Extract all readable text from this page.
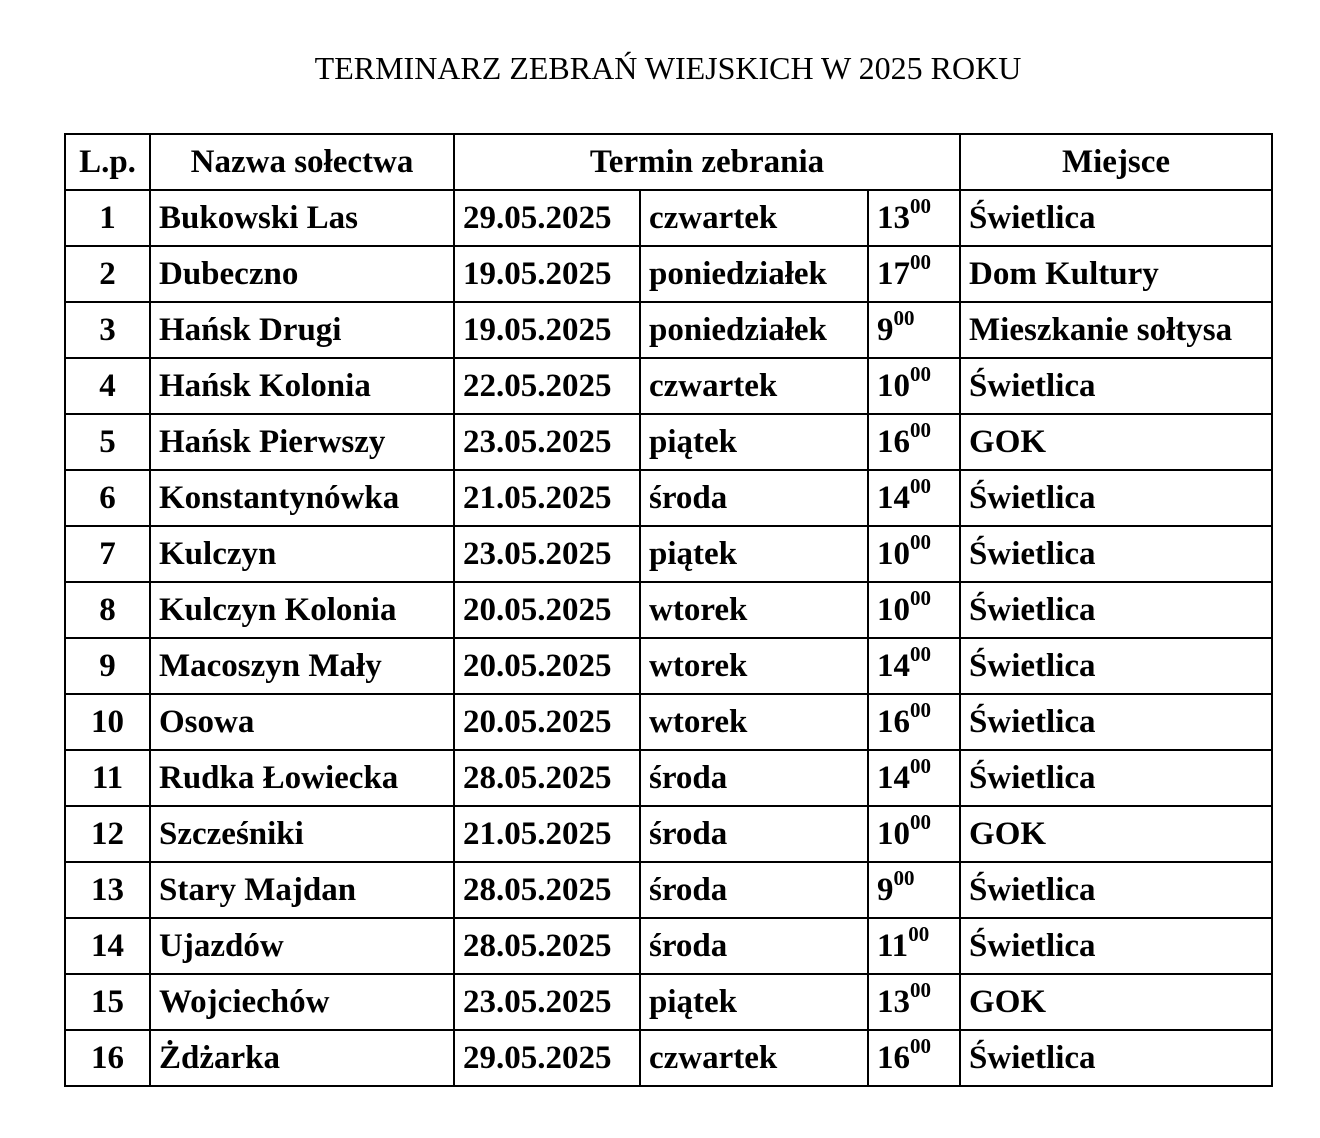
TERMINARZ ZEBRAŃ WIEJSKICH W 2025 ROKU
L.p.	Nazwa sołectwa	Termin zebrania			Miejsce
1	Bukowski Las	29.05.2025	czwartek	$13^{00}$	Świetlica
2	Dubeczno	19.05.2025	poniedziałek	$17^{00}$	Dom Kultury
3	Hańsk Drugi	19.05.2025	poniedziałek	$9^{00}$	Mieszkanie sołtysa
4	Hańsk Kolonia	22.05.2025	czwartek	$10^{00}$	Świetlica
5	Hańsk Pierwszy	23.05.2025	piątek	$16^{00}$	GOK
6	Konstantynówka	21.05.2025	środa	$14^{00}$	Świetlica
7	Kulczyn	23.05.2025	piątek	$10^{00}$	Świetlica
8	Kulczyn Kolonia	20.05.2025	wtorek	$10^{00}$	Świetlica
9	Macoszyn Mały	20.05.2025	wtorek	$14^{00}$	Świetlica
10	Osowa	20.05.2025	wtorek	$16^{00}$	Świetlica
11	Rudka Łowiecka	28.05.2025	środa	$14^{00}$	Świetlica
12	Szcześniki	21.05.2025	środa	$10^{00}$	GOK
13	Stary Majdan	28.05.2025	środa	$9^{00}$	Świetlica
14	Ujazdów	28.05.2025	środa	$11^{00}$	Świetlica
15	Wojciechów	23.05.2025	piątek	$13^{00}$	GOK
16	Żdżarka	29.05.2025	czwartek	$16^{00}$	Świetlica
